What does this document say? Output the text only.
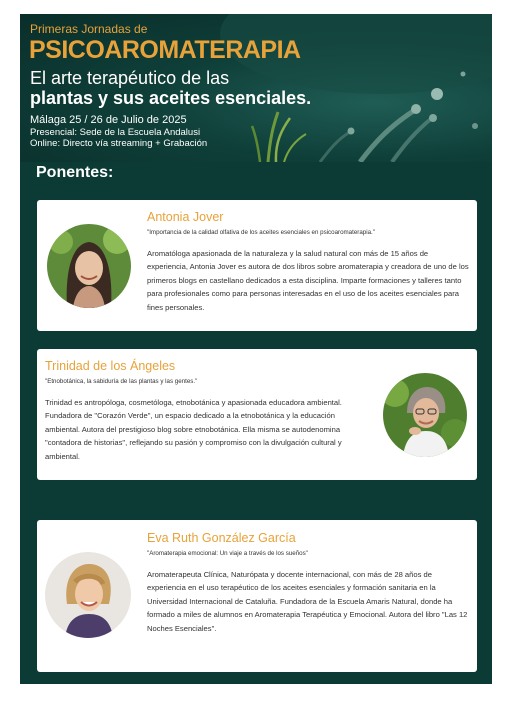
Primeras Jornadas de
PSICOAROMATERAPIA
El arte terapéutico de las
plantas y sus aceites esenciales.
Málaga 25 / 26 de Julio de 2025
Presencial: Sede de la Escuela Andalusi
Online: Directo vía streaming + Grabación
Ponentes:
Antonia Jover
"Importancia de la calidad olfativa de los aceites esenciales en psicoaromaterapia."
Aromatóloga apasionada de la naturaleza y la salud natural con más de 15 años de experiencia, Antonia Jover es autora de dos libros sobre aromaterapia y creadora de uno de los primeros blogs en castellano dedicados a esta disciplina. Imparte formaciones y talleres tanto para profesionales como para personas interesadas en el uso de los aceites esenciales para fines personales.
Trinidad de los Ángeles
"Etnobotánica, la sabiduría de las plantas y las gentes."
Trinidad es antropóloga, cosmetóloga, etnobotánica y apasionada educadora ambiental. Fundadora de "Corazón Verde", un espacio dedicado a la etnobotánica y la educación ambiental. Autora del prestigioso blog sobre etnobotánica. Ella misma se autodenomina "contadora de historias", reflejando su pasión y compromiso con la divulgación cultural y ambiental.
Eva Ruth González García
"Aromaterapia emocional: Un viaje a través de los sueños"
Aromaterapeuta Clínica, Naturópata y docente internacional, con más de 28 años de experiencia en el uso terapéutico de los aceites esenciales y formación sanitaria en la Universidad Internacional de Cataluña. Fundadora de la Escuela Amaris Natural, donde ha formado a miles de alumnos en Aromaterapia Terapéutica y Emocional. Autora del libro "Las 12 Noches Esenciales".
